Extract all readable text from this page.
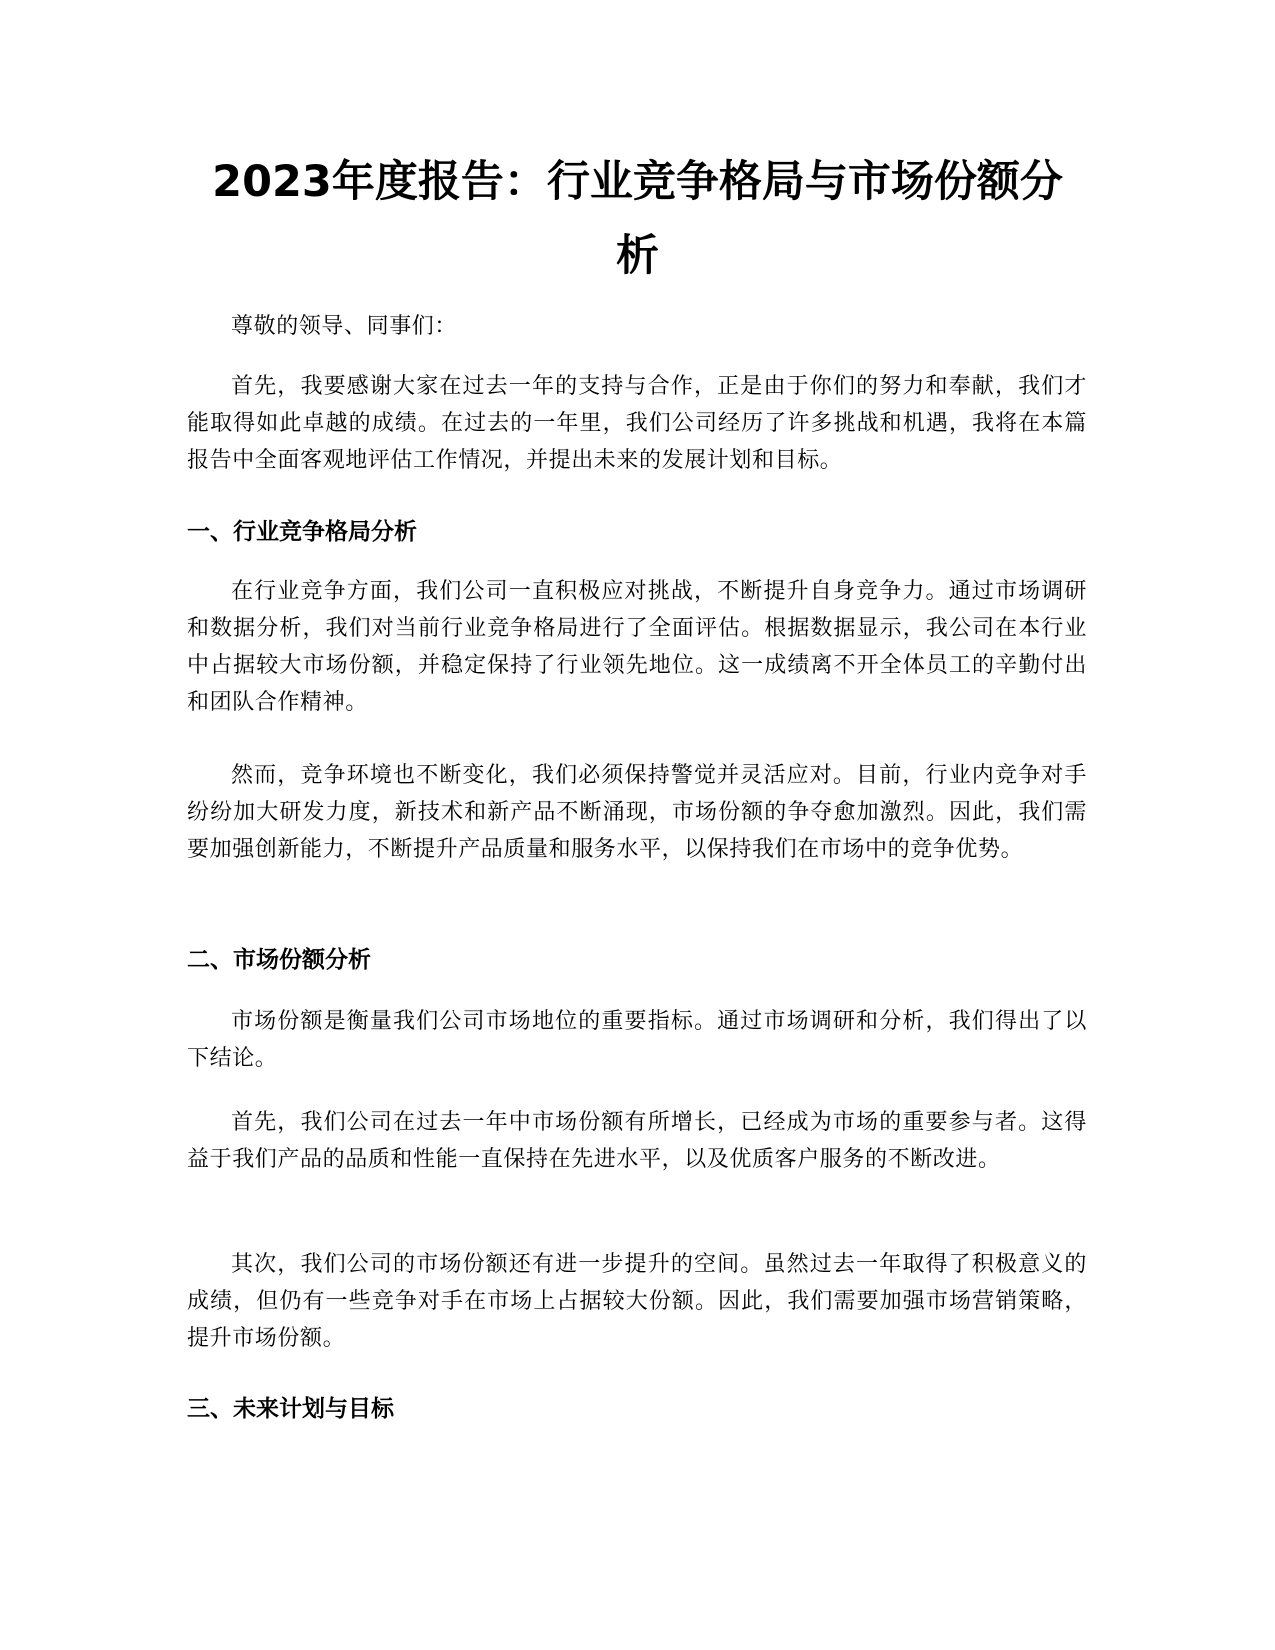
2023年度报告：行业竞争格局与市场份额分
析

尊敬的领导、同事们：

首先，我要感谢大家在过去一年的支持与合作，正是由于你们的努力和奉献，我们才能取得如此卓越的成绩。在过去的一年里，我们公司经历了许多挑战和机遇，我将在本篇报告中全面客观地评估工作情况，并提出未来的发展计划和目标。

一、行业竞争格局分析

在行业竞争方面，我们公司一直积极应对挑战，不断提升自身竞争力。通过市场调研和数据分析，我们对当前行业竞争格局进行了全面评估。根据数据显示，我公司在本行业中占据较大市场份额，并稳定保持了行业领先地位。这一成绩离不开全体员工的辛勤付出和团队合作精神。

然而，竞争环境也不断变化，我们必须保持警觉并灵活应对。目前，行业内竞争对手纷纷加大研发力度，新技术和新产品不断涌现，市场份额的争夺愈加激烈。因此，我们需要加强创新能力，不断提升产品质量和服务水平，以保持我们在市场中的竞争优势。

二、市场份额分析

市场份额是衡量我们公司市场地位的重要指标。通过市场调研和分析，我们得出了以下结论。

首先，我们公司在过去一年中市场份额有所增长，已经成为市场的重要参与者。这得益于我们产品的品质和性能一直保持在先进水平，以及优质客户服务的不断改进。

其次，我们公司的市场份额还有进一步提升的空间。虽然过去一年取得了积极意义的成绩，但仍有一些竞争对手在市场上占据较大份额。因此，我们需要加强市场营销策略，提升市场份额。

三、未来计划与目标
